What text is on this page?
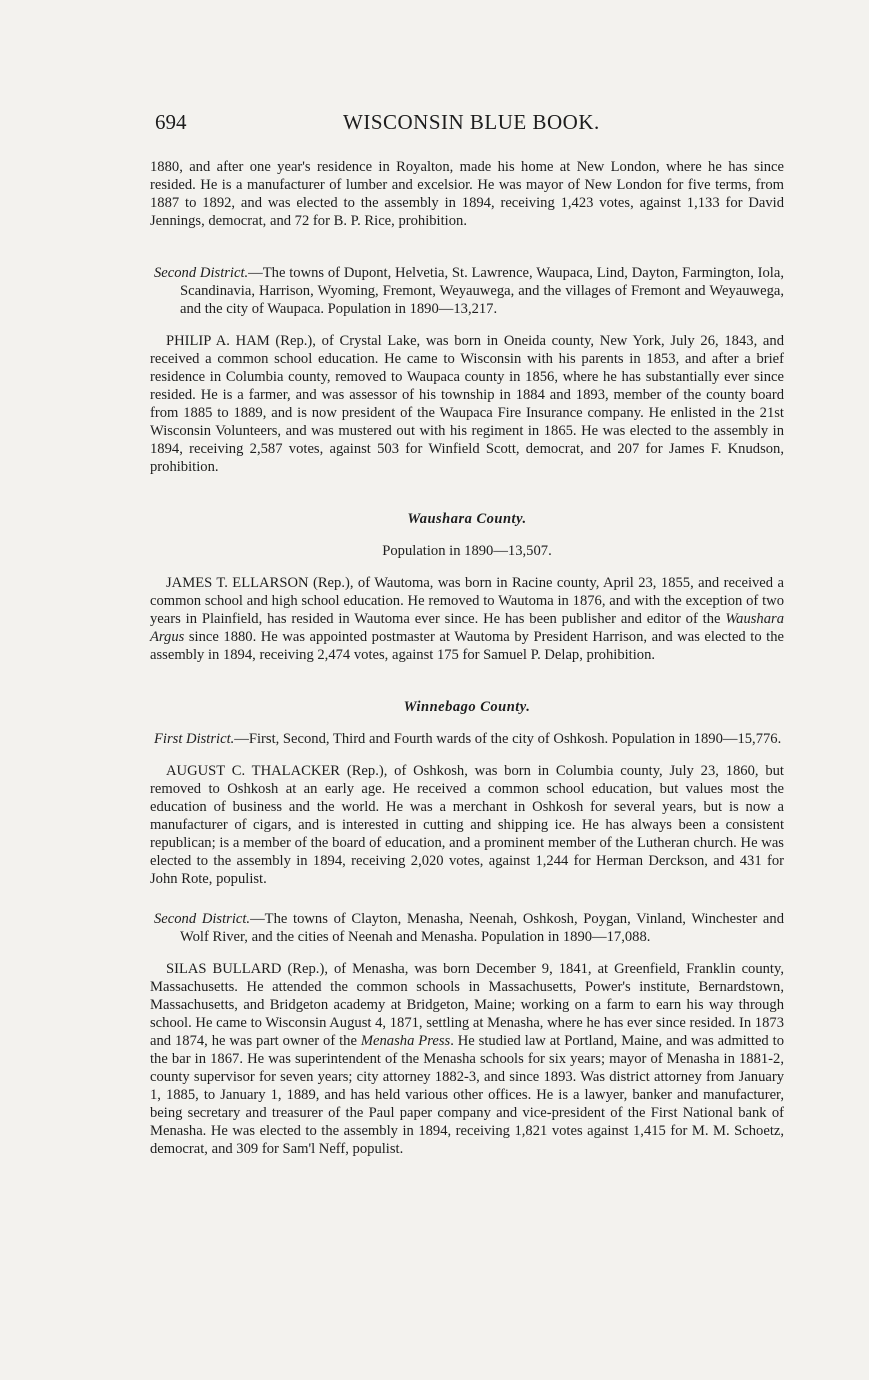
694	WISCONSIN BLUE BOOK.

1880, and after one year's residence in Royalton, made his home at New London, where he has since resided. He is a manufacturer of lumber and excelsior. He was mayor of New London for five terms, from 1887 to 1892, and was elected to the assembly in 1894, receiving 1,423 votes, against 1,133 for David Jennings, democrat, and 72 for B. P. Rice, prohibition.

Second District.—The towns of Dupont, Helvetia, St. Lawrence, Waupaca, Lind, Dayton, Farmington, Iola, Scandinavia, Harrison, Wyoming, Fremont, Weyauwega, and the villages of Fremont and Weyauwega, and the city of Waupaca. Population in 1890—13,217.

PHILIP A. HAM (Rep.), of Crystal Lake, was born in Oneida county, New York, July 26, 1843, and received a common school education. He came to Wisconsin with his parents in 1853, and after a brief residence in Columbia county, removed to Waupaca county in 1856, where he has substantially ever since resided. He is a farmer, and was assessor of his township in 1884 and 1893, member of the county board from 1885 to 1889, and is now president of the Waupaca Fire Insurance company. He enlisted in the 21st Wisconsin Volunteers, and was mustered out with his regiment in 1865. He was elected to the assembly in 1894, receiving 2,587 votes, against 503 for Winfield Scott, democrat, and 207 for James F. Knudson, prohibition.

Waushara County.

Population in 1890—13,507.

JAMES T. ELLARSON (Rep.), of Wautoma, was born in Racine county, April 23, 1855, and received a common school and high school education. He removed to Wautoma in 1876, and with the exception of two years in Plainfield, has resided in Wautoma ever since. He has been publisher and editor of the Waushara Argus since 1880. He was appointed postmaster at Wautoma by President Harrison, and was elected to the assembly in 1894, receiving 2,474 votes, against 175 for Samuel P. Delap, prohibition.

Winnebago County.

First District.—First, Second, Third and Fourth wards of the city of Oshkosh. Population in 1890—15,776.

AUGUST C. THALACKER (Rep.), of Oshkosh, was born in Columbia county, July 23, 1860, but removed to Oshkosh at an early age. He received a common school education, but values most the education of business and the world. He was a merchant in Oshkosh for several years, but is now a manufacturer of cigars, and is interested in cutting and shipping ice. He has always been a consistent republican; is a member of the board of education, and a prominent member of the Lutheran church. He was elected to the assembly in 1894, receiving 2,020 votes, against 1,244 for Herman Derckson, and 431 for John Rote, populist.

Second District.—The towns of Clayton, Menasha, Neenah, Oshkosh, Poygan, Vinland, Winchester and Wolf River, and the cities of Neenah and Menasha. Population in 1890—17,088.

SILAS BULLARD (Rep.), of Menasha, was born December 9, 1841, at Greenfield, Franklin county, Massachusetts. He attended the common schools in Massachusetts, Power's institute, Bernardstown, Massachusetts, and Bridgeton academy at Bridgeton, Maine; working on a farm to earn his way through school. He came to Wisconsin August 4, 1871, settling at Menasha, where he has ever since resided. In 1873 and 1874, he was part owner of the Menasha Press. He studied law at Portland, Maine, and was admitted to the bar in 1867. He was superintendent of the Menasha schools for six years; mayor of Menasha in 1881-2, county supervisor for seven years; city attorney 1882-3, and since 1893. Was district attorney from January 1, 1885, to January 1, 1889, and has held various other offices. He is a lawyer, banker and manufacturer, being secretary and treasurer of the Paul paper company and vice-president of the First National bank of Menasha. He was elected to the assembly in 1894, receiving 1,821 votes against 1,415 for M. M. Schoetz, democrat, and 309 for Sam'l Neff, populist.
